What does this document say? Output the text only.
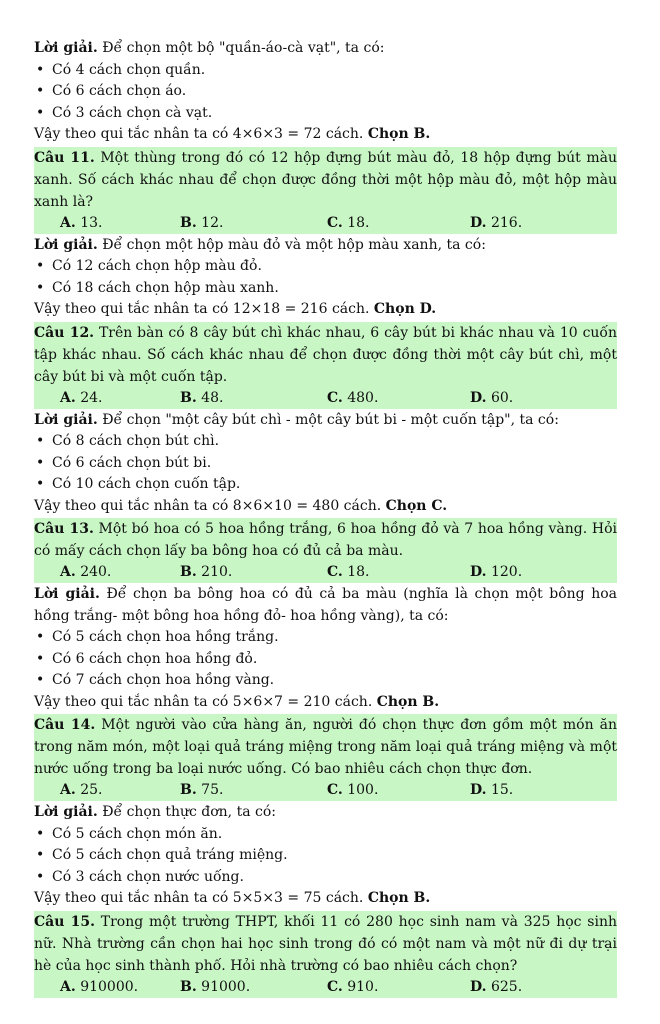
Lời giải. Để chọn một bộ "quần-áo-cà vạt", ta có:
• Có 4 cách chọn quần.
• Có 6 cách chọn áo.
• Có 3 cách chọn cà vạt.
Vậy theo qui tắc nhân ta có 4×6×3 = 72 cách. Chọn B.
Câu 11. Một thùng trong đó có 12 hộp đựng bút màu đỏ, 18 hộp đựng bút màu xanh. Số cách khác nhau để chọn được đồng thời một hộp màu đỏ, một hộp màu xanh là?
A. 13.	B. 12.	C. 18.	D. 216.
Lời giải. Để chọn một hộp màu đỏ và một hộp màu xanh, ta có:
• Có 12 cách chọn hộp màu đỏ.
• Có 18 cách chọn hộp màu xanh.
Vậy theo qui tắc nhân ta có 12×18 = 216 cách. Chọn D.
Câu 12. Trên bàn có 8 cây bút chì khác nhau, 6 cây bút bi khác nhau và 10 cuốn tập khác nhau. Số cách khác nhau để chọn được đồng thời một cây bút chì, một cây bút bi và một cuốn tập.
A. 24.	B. 48.	C. 480.	D. 60.
Lời giải. Để chọn "một cây bút chì - một cây bút bi - một cuốn tập", ta có:
• Có 8 cách chọn bút chì.
• Có 6 cách chọn bút bi.
• Có 10 cách chọn cuốn tập.
Vậy theo qui tắc nhân ta có 8×6×10 = 480 cách. Chọn C.
Câu 13. Một bó hoa có 5 hoa hồng trắng, 6 hoa hồng đỏ và 7 hoa hồng vàng. Hỏi có mấy cách chọn lấy ba bông hoa có đủ cả ba màu.
A. 240.	B. 210.	C. 18.	D. 120.
Lời giải. Để chọn ba bông hoa có đủ cả ba màu (nghĩa là chọn một bông hoa hồng trắng- một bông hoa hồng đỏ- hoa hồng vàng), ta có:
• Có 5 cách chọn hoa hồng trắng.
• Có 6 cách chọn hoa hồng đỏ.
• Có 7 cách chọn hoa hồng vàng.
Vậy theo qui tắc nhân ta có 5×6×7 = 210 cách. Chọn B.
Câu 14. Một người vào cửa hàng ăn, người đó chọn thực đơn gồm một món ăn trong năm món, một loại quả tráng miệng trong năm loại quả tráng miệng và một nước uống trong ba loại nước uống. Có bao nhiêu cách chọn thực đơn.
A. 25.	B. 75.	C. 100.	D. 15.
Lời giải. Để chọn thực đơn, ta có:
• Có 5 cách chọn món ăn.
• Có 5 cách chọn quả tráng miệng.
• Có 3 cách chọn nước uống.
Vậy theo qui tắc nhân ta có 5×5×3 = 75 cách. Chọn B.
Câu 15. Trong một trường THPT, khối 11 có 280 học sinh nam và 325 học sinh nữ. Nhà trường cần chọn hai học sinh trong đó có một nam và một nữ đi dự trại hè của học sinh thành phố. Hỏi nhà trường có bao nhiêu cách chọn?
A. 910000.	B. 91000.	C. 910.	D. 625.
